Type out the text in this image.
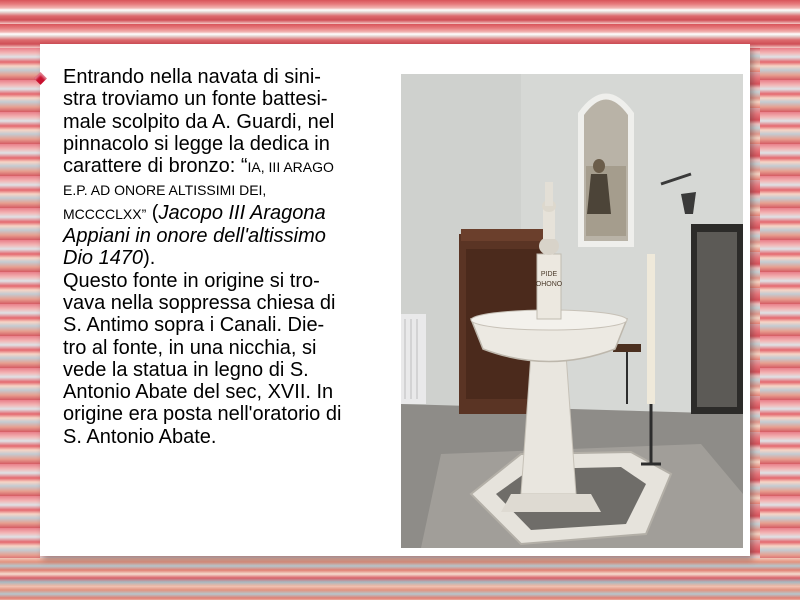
Entrando nella navata di sini-
stra troviamo un fonte battesi-
male scolpito da A. Guardi, nel
pinnacolo si legge la dedica in
carattere di bronzo: “IA, III ARAGO
E.P. AD ONORE ALTISSIMI DEI,
MCCCCLXX” (Jacopo III Aragona
Appiani in onore dell'altissimo
Dio 1470).
Questo fonte in origine si tro-
vava nella soppressa chiesa di
S. Antimo sopra i Canali. Die-
tro al fonte, in una nicchia, si
vede la statua in legno di S.
Antonio Abate del sec, XVII. In
origine era posta nell'oratorio di
S. Antonio Abate.
PIDE
OHONO
